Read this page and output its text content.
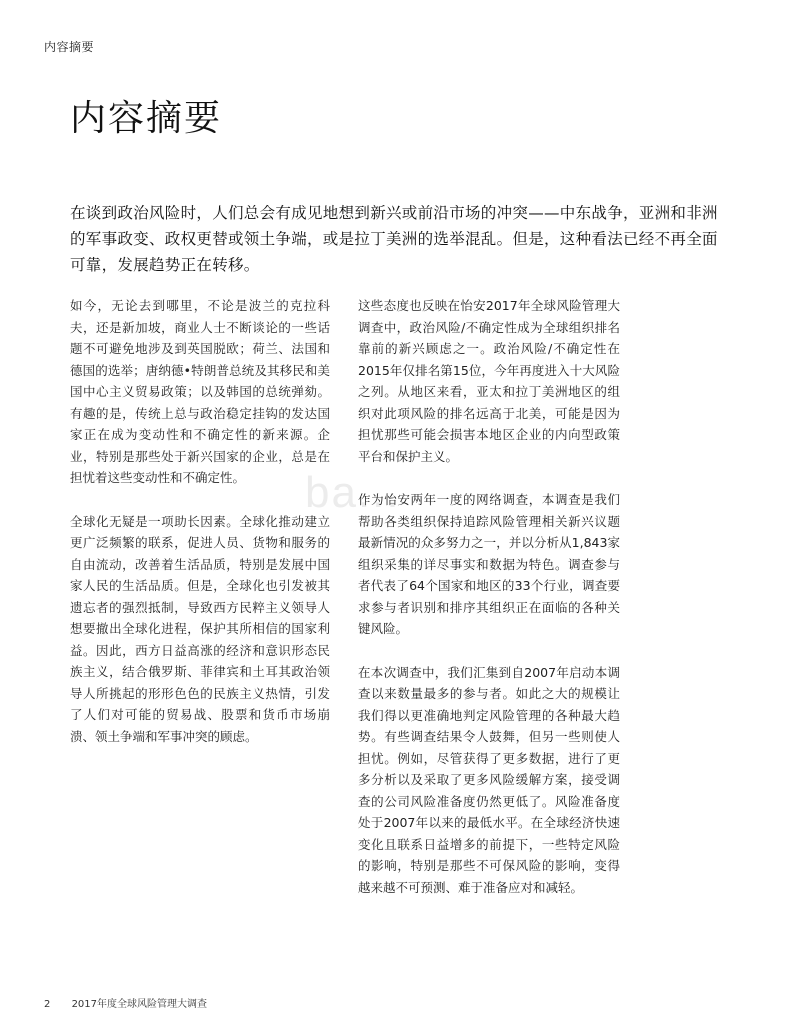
内容摘要
内容摘要

在谈到政治风险时，人们总会有成见地想到新兴或前沿市场的冲突——中东战争，亚洲和非洲的军事政变、政权更替或领土争端，或是拉丁美洲的选举混乱。但是，这种看法已经不再全面可靠，发展趋势正在转移。

如今，无论去到哪里，不论是波兰的克拉科夫，还是新加坡，商业人士不断谈论的一些话题不可避免地涉及到英国脱欧；荷兰、法国和德国的选举；唐纳德•特朗普总统及其移民和美国中心主义贸易政策；以及韩国的总统弹劾。有趣的是，传统上总与政治稳定挂钩的发达国家正在成为变动性和不确定性的新来源。企业，特别是那些处于新兴国家的企业，总是在担忧着这些变动性和不确定性。

全球化无疑是一项助长因素。全球化推动建立更广泛频繁的联系，促进人员、货物和服务的自由流动，改善着生活品质，特别是发展中国家人民的生活品质。但是，全球化也引发被其遗忘者的强烈抵制，导致西方民粹主义领导人想要撤出全球化进程，保护其所相信的国家利益。因此，西方日益高涨的经济和意识形态民族主义，结合俄罗斯、菲律宾和土耳其政治领导人所挑起的形形色色的民族主义热情，引发了人们对可能的贸易战、股票和货币市场崩溃、领土争端和军事冲突的顾虑。

这些态度也反映在怡安2017年全球风险管理大调查中，政治风险/不确定性成为全球组织排名靠前的新兴顾虑之一。政治风险/不确定性在2015年仅排名第15位，今年再度进入十大风险之列。从地区来看，亚太和拉丁美洲地区的组织对此项风险的排名远高于北美，可能是因为担忧那些可能会损害本地区企业的内向型政策平台和保护主义。

作为怡安两年一度的网络调查，本调查是我们帮助各类组织保持追踪风险管理相关新兴议题最新情况的众多努力之一，并以分析从1,843家组织采集的详尽事实和数据为特色。调查参与者代表了64个国家和地区的33个行业，调查要求参与者识别和排序其组织正在面临的各种关键风险。

在本次调查中，我们汇集到自2007年启动本调查以来数量最多的参与者。如此之大的规模让我们得以更准确地判定风险管理的各种最大趋势。有些调查结果令人鼓舞，但另一些则使人担忧。例如，尽管获得了更多数据，进行了更多分析以及采取了更多风险缓解方案，接受调查的公司风险准备度仍然更低了。风险准备度处于2007年以来的最低水平。在全球经济快速变化且联系日益增多的前提下，一些特定风险的影响，特别是那些不可保风险的影响，变得越来越不可预测、难于准备应对和减轻。

ba...
2 2017年度全球风险管理大调查
